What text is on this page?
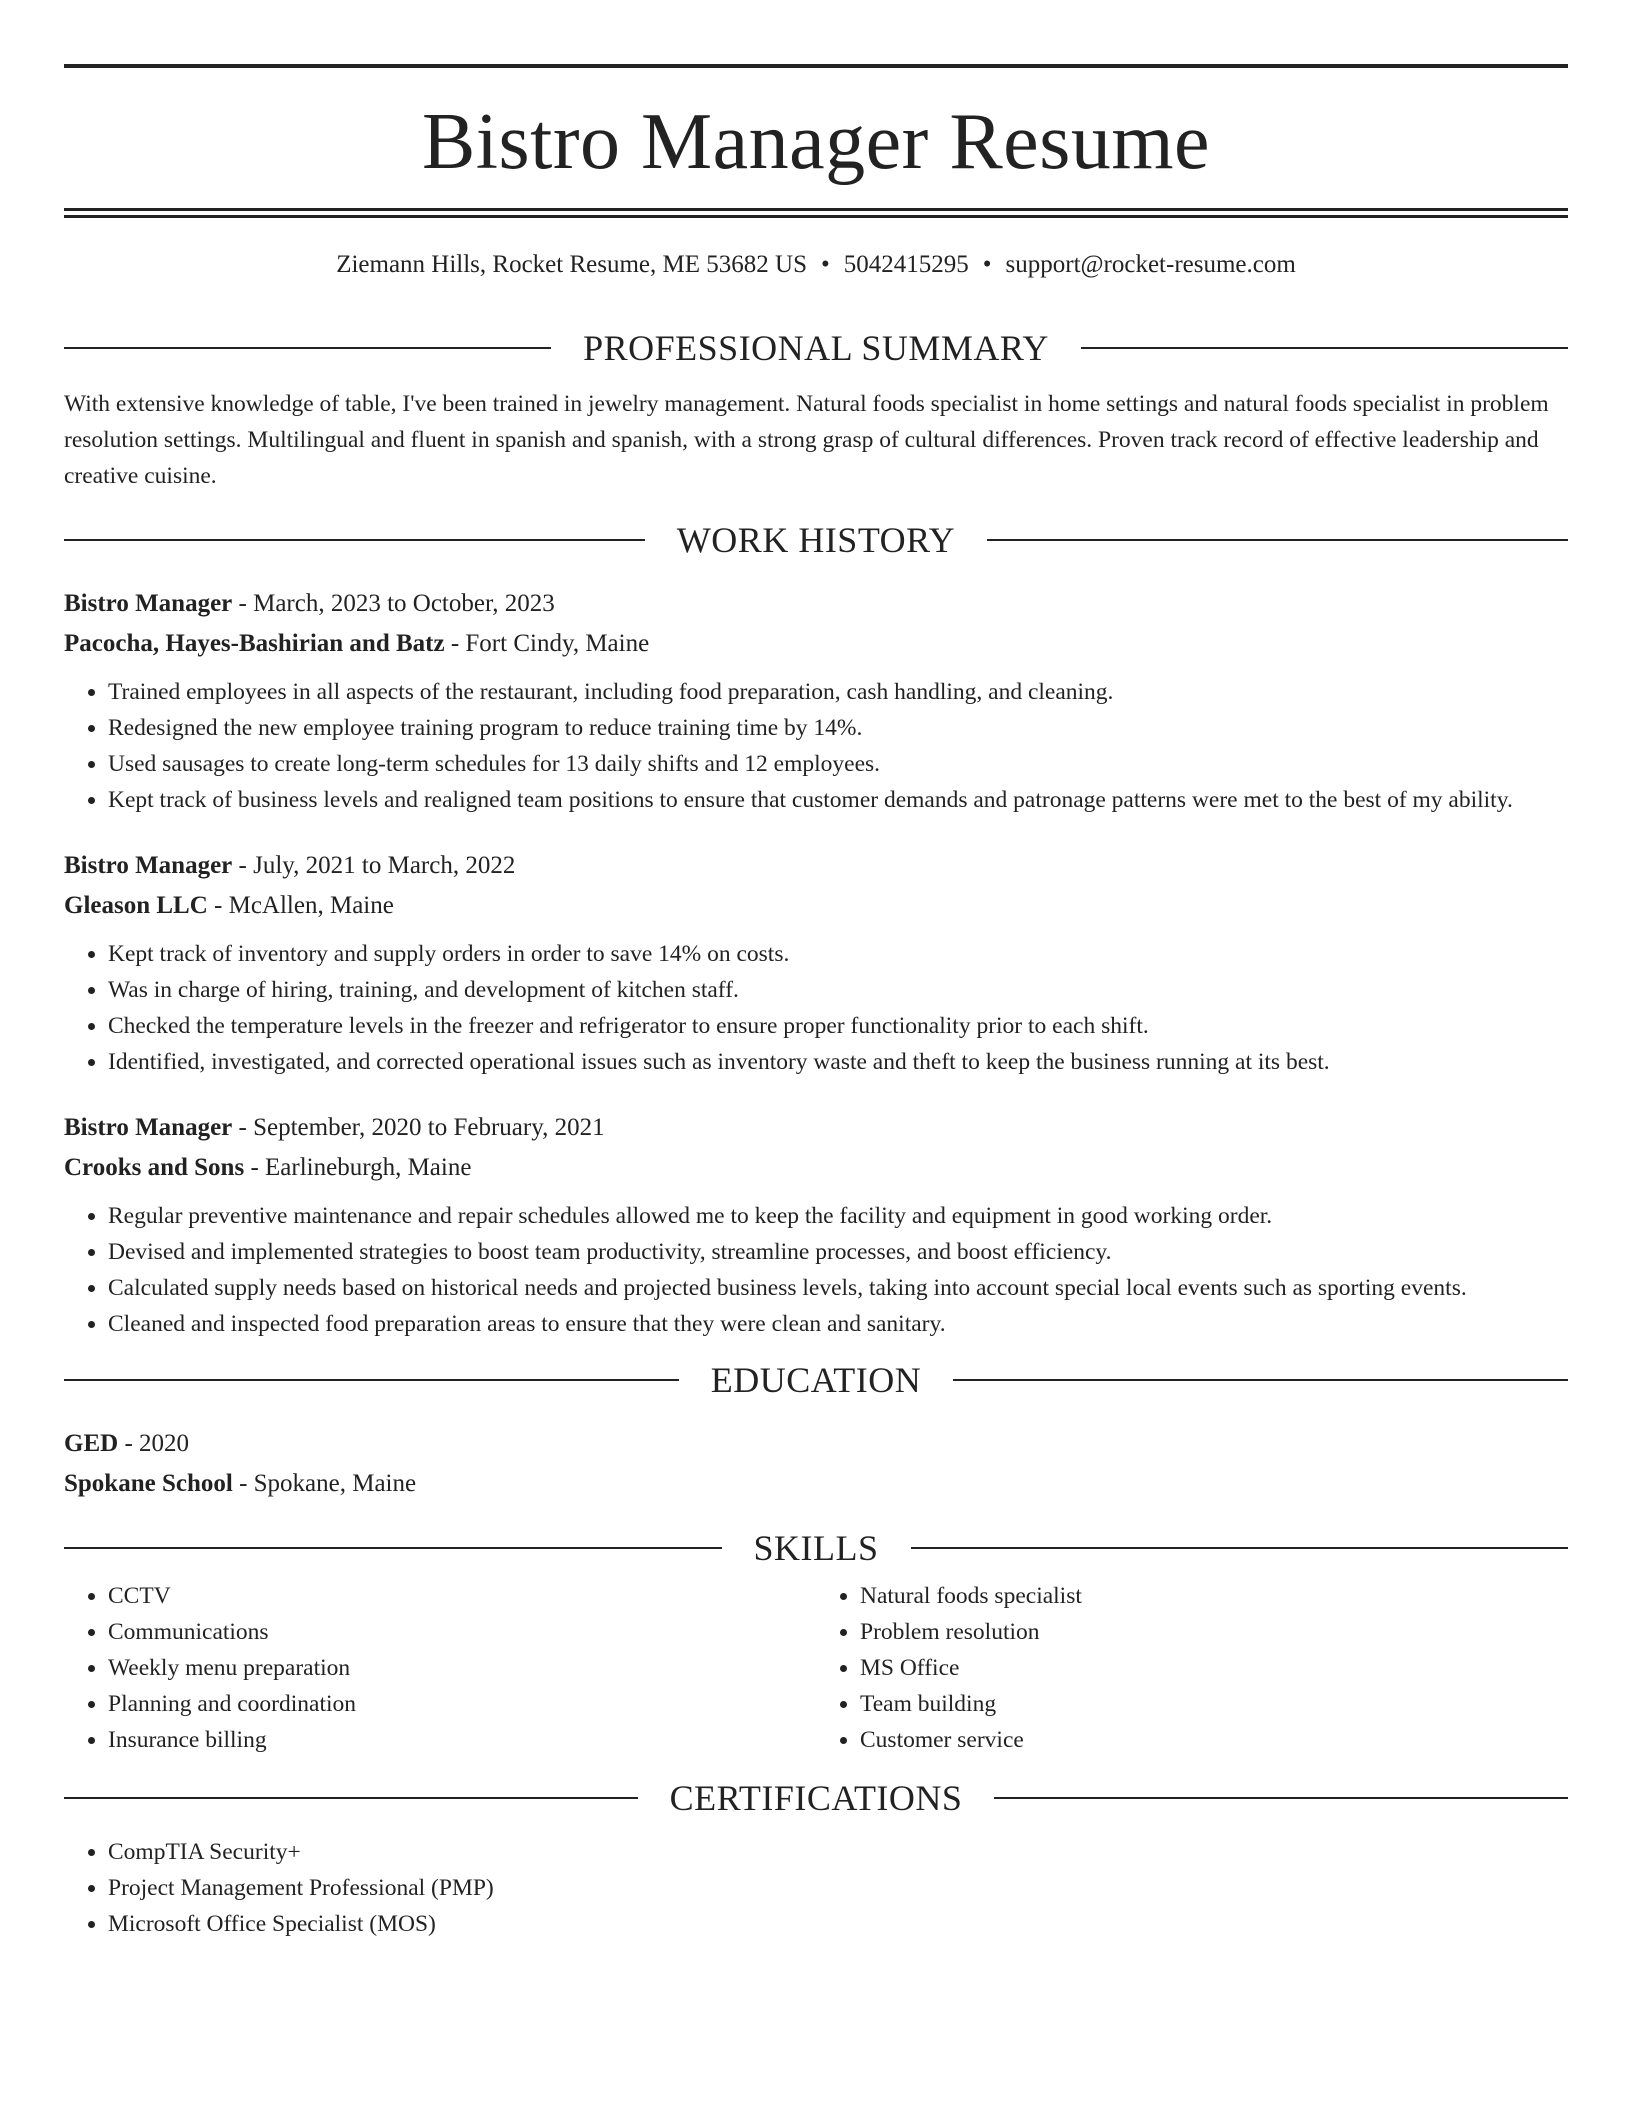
Bistro Manager Resume
Ziemann Hills, Rocket Resume, ME 53682 US • 5042415295 • support@rocket-resume.com
PROFESSIONAL SUMMARY
With extensive knowledge of table, I've been trained in jewelry management. Natural foods specialist in home settings and natural foods specialist in problem resolution settings. Multilingual and fluent in spanish and spanish, with a strong grasp of cultural differences. Proven track record of effective leadership and creative cuisine.
WORK HISTORY
Bistro Manager - March, 2023 to October, 2023
Pacocha, Hayes-Bashirian and Batz - Fort Cindy, Maine
• Trained employees in all aspects of the restaurant, including food preparation, cash handling, and cleaning.
• Redesigned the new employee training program to reduce training time by 14%.
• Used sausages to create long-term schedules for 13 daily shifts and 12 employees.
• Kept track of business levels and realigned team positions to ensure that customer demands and patronage patterns were met to the best of my ability.
Bistro Manager - July, 2021 to March, 2022
Gleason LLC - McAllen, Maine
• Kept track of inventory and supply orders in order to save 14% on costs.
• Was in charge of hiring, training, and development of kitchen staff.
• Checked the temperature levels in the freezer and refrigerator to ensure proper functionality prior to each shift.
• Identified, investigated, and corrected operational issues such as inventory waste and theft to keep the business running at its best.
Bistro Manager - September, 2020 to February, 2021
Crooks and Sons - Earlineburgh, Maine
• Regular preventive maintenance and repair schedules allowed me to keep the facility and equipment in good working order.
• Devised and implemented strategies to boost team productivity, streamline processes, and boost efficiency.
• Calculated supply needs based on historical needs and projected business levels, taking into account special local events such as sporting events.
• Cleaned and inspected food preparation areas to ensure that they were clean and sanitary.
EDUCATION
GED - 2020
Spokane School - Spokane, Maine
SKILLS
• CCTV
• Communications
• Weekly menu preparation
• Planning and coordination
• Insurance billing
• Natural foods specialist
• Problem resolution
• MS Office
• Team building
• Customer service
CERTIFICATIONS
• CompTIA Security+
• Project Management Professional (PMP)
• Microsoft Office Specialist (MOS)
